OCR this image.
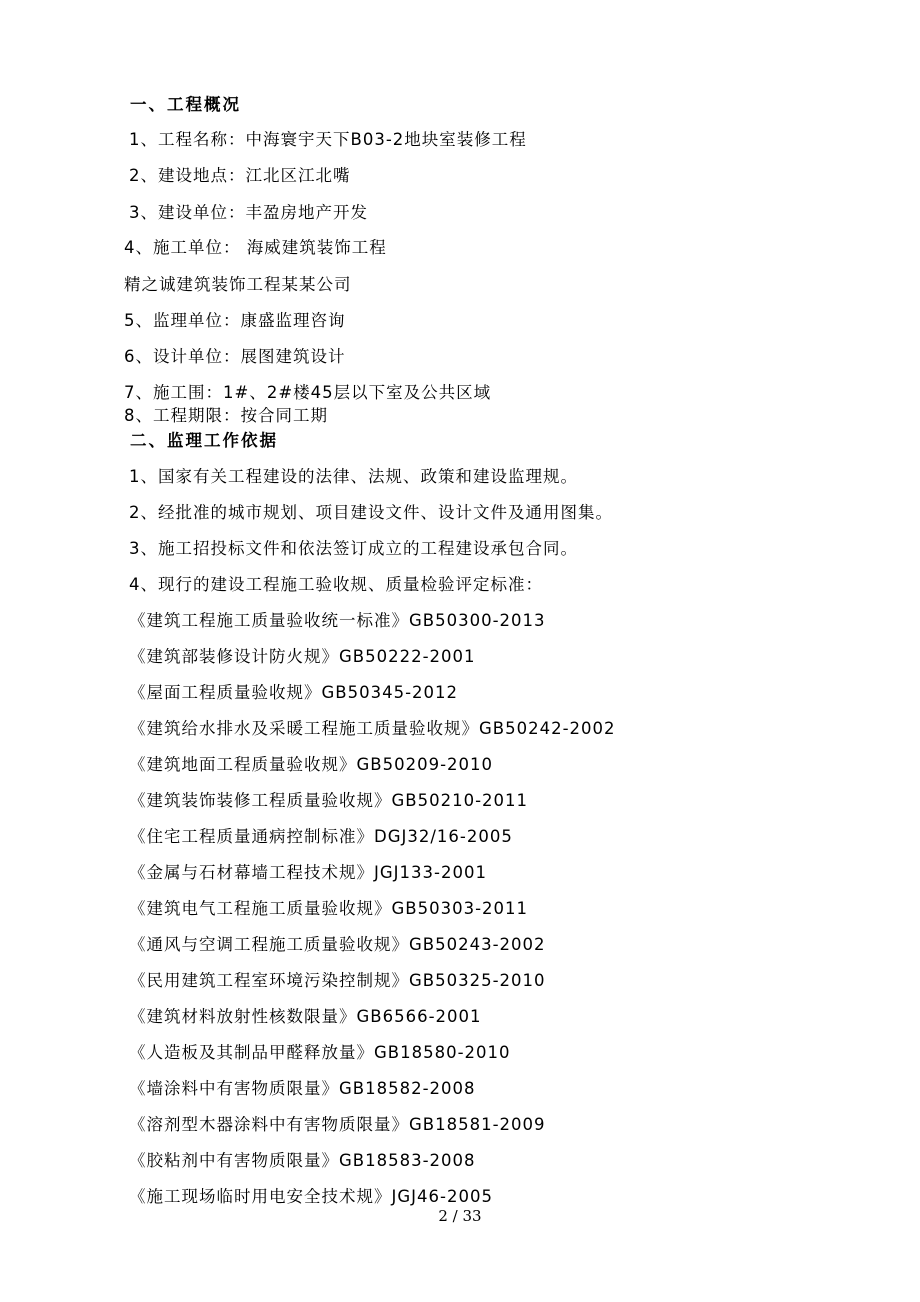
一、工程概况
1、工程名称：中海寰宇天下B03-2地块室装修工程
2、建设地点：江北区江北嘴
3、建设单位：丰盈房地产开发
4、施工单位： 海威建筑装饰工程
精之诚建筑装饰工程某某公司
5、监理单位：康盛监理咨询
6、设计单位：展图建筑设计
7、施工围：1#、2#楼45层以下室及公共区域
8、工程期限：按合同工期
二、监理工作依据
1、国家有关工程建设的法律、法规、政策和建设监理规。
2、经批准的城市规划、项目建设文件、设计文件及通用图集。
3、施工招投标文件和依法签订成立的工程建设承包合同。
4、现行的建设工程施工验收规、质量检验评定标准：
《建筑工程施工质量验收统一标准》GB50300-2013
《建筑部装修设计防火规》GB50222-2001
《屋面工程质量验收规》GB50345-2012
《建筑给水排水及采暖工程施工质量验收规》GB50242-2002
《建筑地面工程质量验收规》GB50209-2010
《建筑装饰装修工程质量验收规》GB50210-2011
《住宅工程质量通病控制标准》DGJ32/16-2005
《金属与石材幕墙工程技术规》JGJ133-2001
《建筑电气工程施工质量验收规》GB50303-2011
《通风与空调工程施工质量验收规》GB50243-2002
《民用建筑工程室环境污染控制规》GB50325-2010
《建筑材料放射性核数限量》GB6566-2001
《人造板及其制品甲醛释放量》GB18580-2010
《墙涂料中有害物质限量》GB18582-2008
《溶剂型木器涂料中有害物质限量》GB18581-2009
《胶粘剂中有害物质限量》GB18583-2008
《施工现场临时用电安全技术规》JGJ46-2005
2 / 33
